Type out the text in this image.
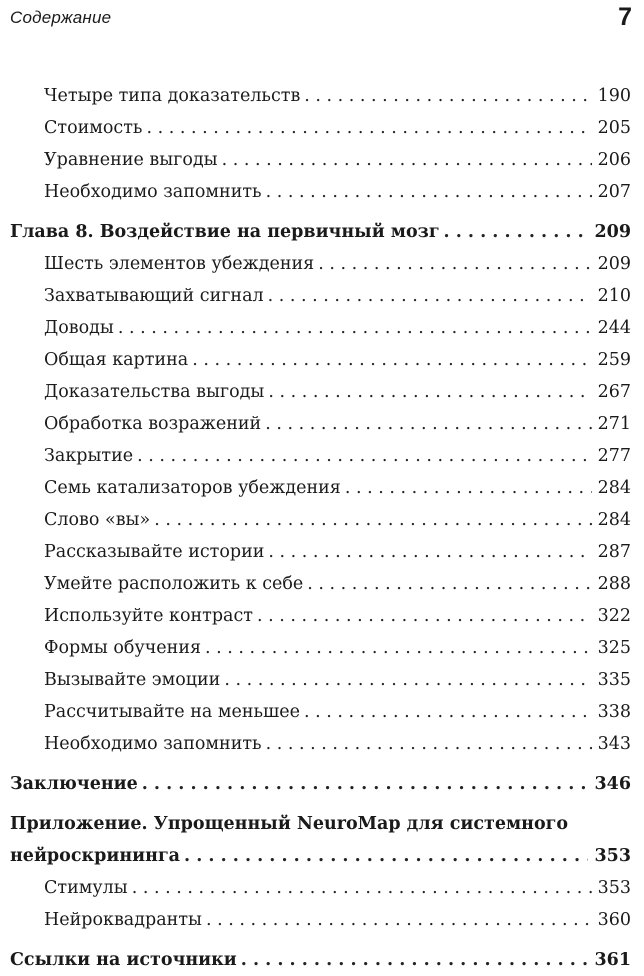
Содержание	7
Четыре типа доказательств . . .	190
Стоимость . . .	205
Уравнение выгоды . . .	206
Необходимо запомнить . . .	207
Глава 8. Воздействие на первичный мозг . . .	209
Шесть элементов убеждения . . .	209
Захватывающий сигнал . . .	210
Доводы . . .	244
Общая картина . . .	259
Доказательства выгоды . . .	267
Обработка возражений . . .	271
Закрытие . . .	277
Семь катализаторов убеждения . . .	284
Слово «вы» . . .	284
Рассказывайте истории . . .	287
Умейте расположить к себе . . .	288
Используйте контраст . . .	322
Формы обучения . . .	325
Вызывайте эмоции . . .	335
Рассчитывайте на меньшее . . .	338
Необходимо запомнить . . .	343
Заключение . . .	346
Приложение. Упрощенный NeuroMap для системного
нейроскрининга . . .	353
Стимулы . . .	353
Нейроквадранты . . .	360
Ссылки на источники . . .	361
